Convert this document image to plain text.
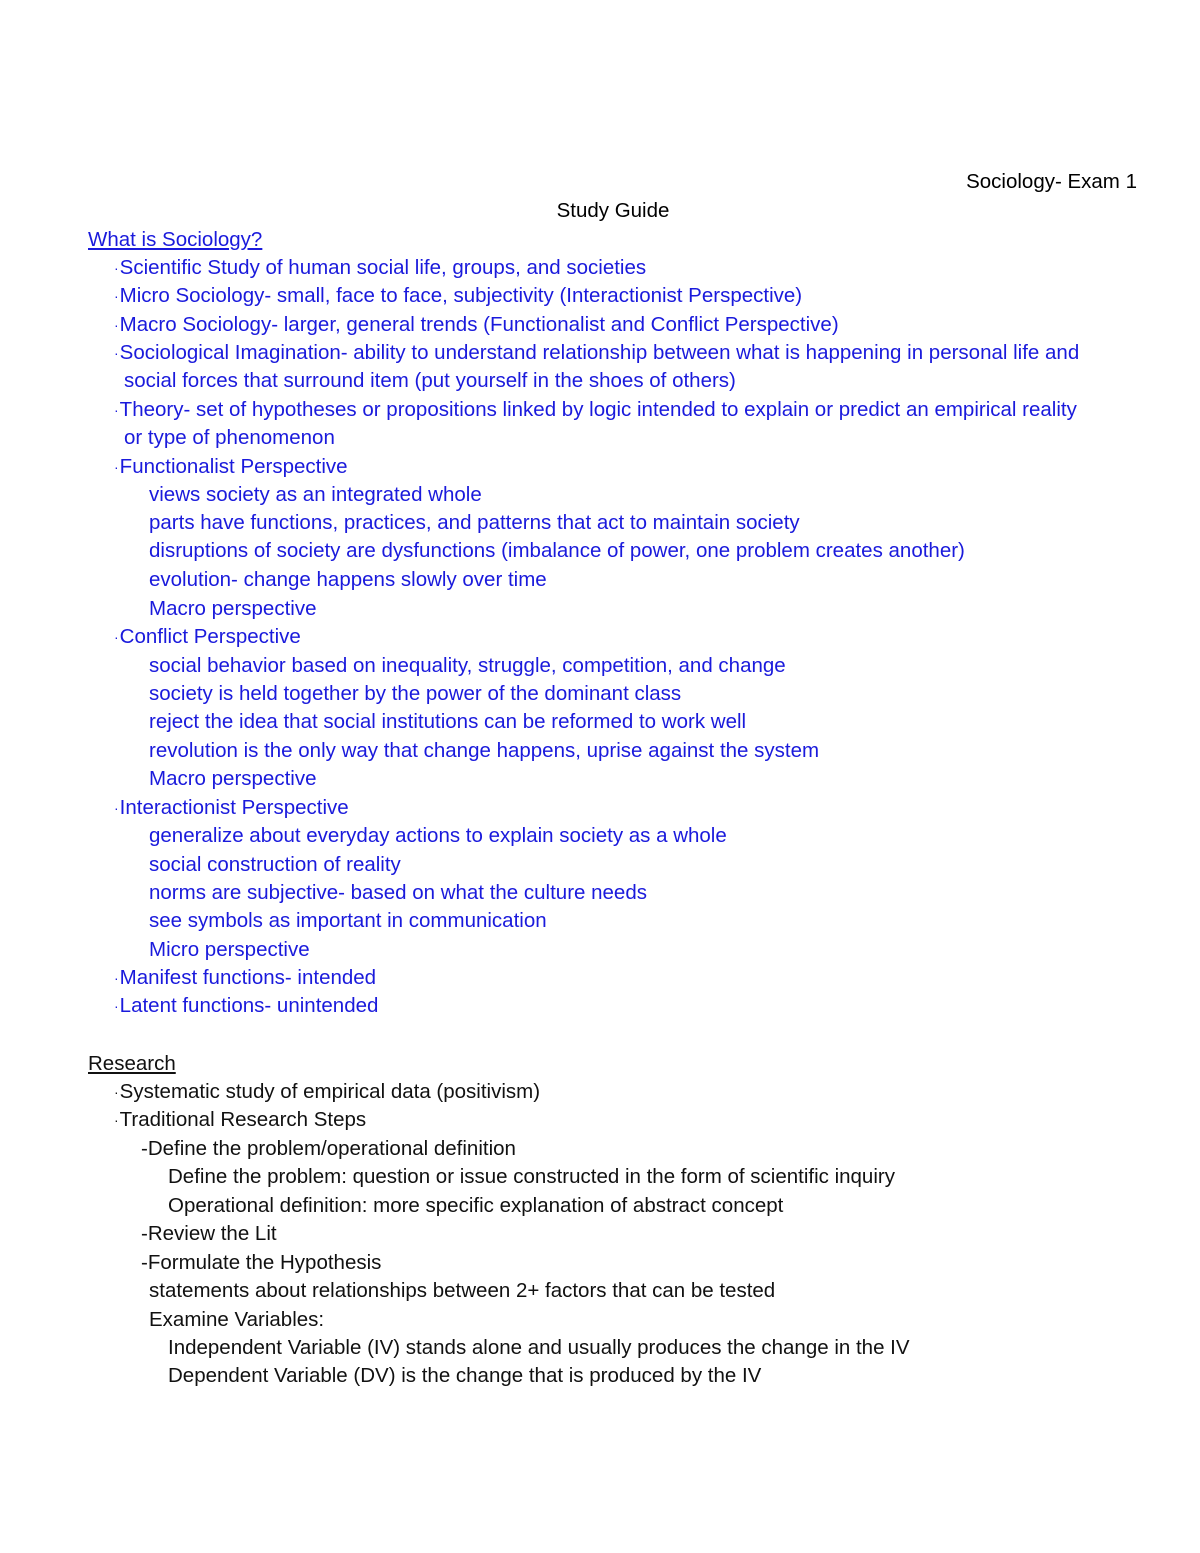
Sociology- Exam 1
Study Guide
What is Sociology?
·Scientific Study of human social life, groups, and societies
·Micro Sociology- small, face to face, subjectivity (Interactionist Perspective)
·Macro Sociology- larger, general trends (Functionalist and Conflict Perspective)
·Sociological Imagination- ability to understand relationship between what is happening in personal life and
social forces that surround item (put yourself in the shoes of others)
·Theory- set of hypotheses or propositions linked by logic intended to explain or predict an empirical reality
or type of phenomenon
·Functionalist Perspective
views society as an integrated whole
parts have functions, practices, and patterns that act to maintain society
disruptions of society are dysfunctions (imbalance of power, one problem creates another)
evolution- change happens slowly over time
Macro perspective
·Conflict Perspective
social behavior based on inequality, struggle, competition, and change
society is held together by the power of the dominant class
reject the idea that social institutions can be reformed to work well
revolution is the only way that change happens, uprise against the system
Macro perspective
·Interactionist Perspective
generalize about everyday actions to explain society as a whole
social construction of reality
norms are subjective- based on what the culture needs
see symbols as important in communication
Micro perspective
·Manifest functions- intended
·Latent functions- unintended
Research
·Systematic study of empirical data (positivism)
·Traditional Research Steps
-Define the problem/operational definition
Define the problem: question or issue constructed in the form of scientific inquiry
Operational definition: more specific explanation of abstract concept
-Review the Lit
-Formulate the Hypothesis
statements about relationships between 2+ factors that can be tested
Examine Variables:
Independent Variable (IV) stands alone and usually produces the change in the IV
Dependent Variable (DV) is the change that is produced by the IV
